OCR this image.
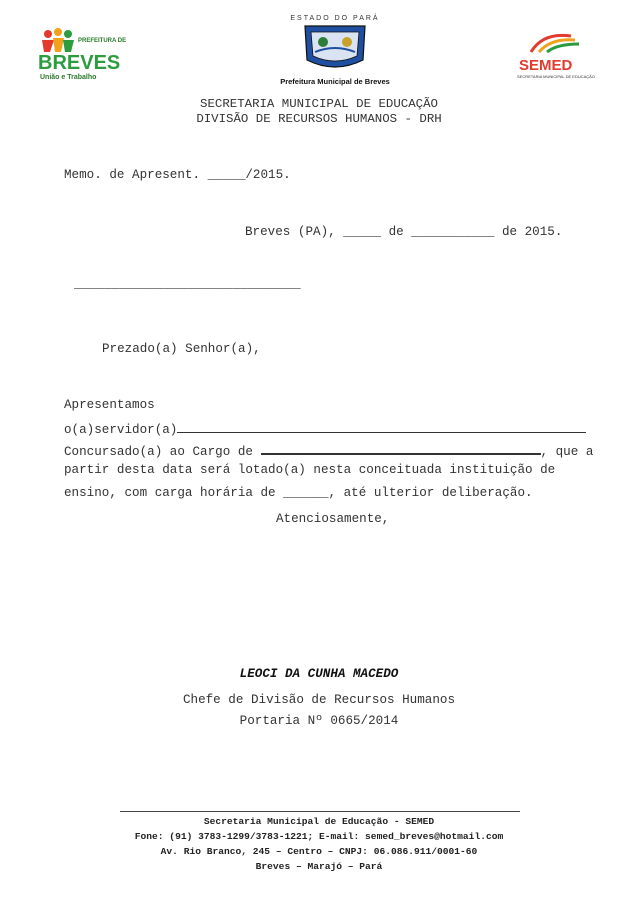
PREFEITURA DE
BREVES
União e Trabalho
ESTADO DO PARÁ
Prefeitura Municipal de Breves
SEMED
SECRETARIA MUNICIPAL DE EDUCAÇÃO
SECRETARIA MUNICIPAL DE EDUCAÇÃO
DIVISÃO DE RECURSOS HUMANOS - DRH
Memo. de Apresent. _____/2015.
Breves (PA), _____ de ___________ de 2015.
______________________________
Prezado(a) Senhor(a),
Apresentamos
o(a)servidor(a)
Concursado(a) ao Cargo de	, que a
partir desta data será lotado(a) nesta conceituada instituição de
ensino, com carga horária de ______, até ulterior deliberação.
Atenciosamente,
LEOCI DA CUNHA MACEDO
Chefe de Divisão de Recursos Humanos
Portaria Nº 0665/2014
Secretaria Municipal de Educação - SEMED
Fone: (91) 3783-1299/3783-1221; E-mail: semed_breves@hotmail.com
Av. Rio Branco, 245 – Centro – CNPJ: 06.086.911/0001-60
Breves – Marajó – Pará
